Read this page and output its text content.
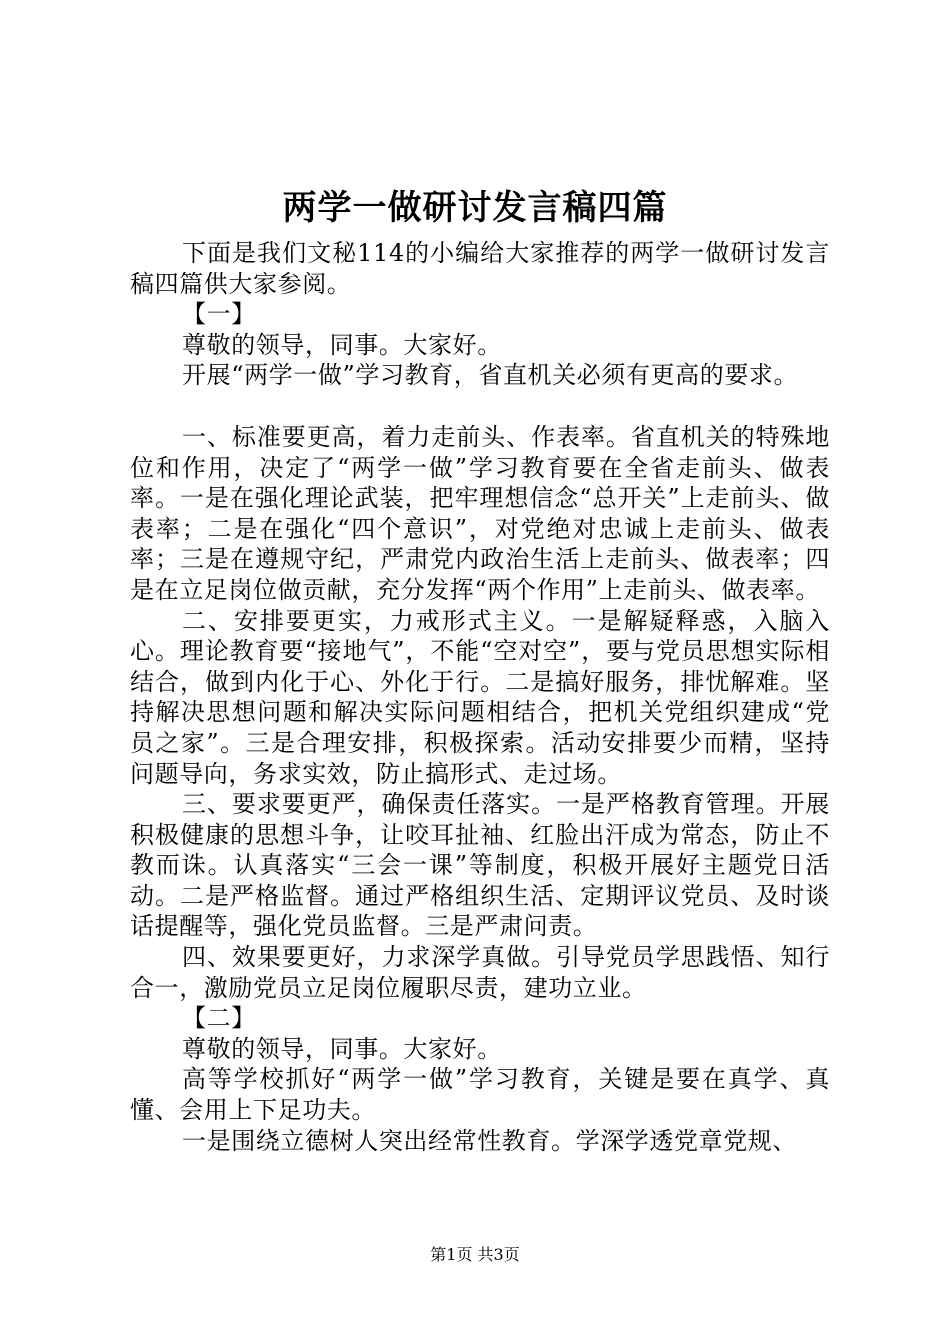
两学一做研讨发言稿四篇

下面是我们文秘114的小编给大家推荐的两学一做研讨发言稿四篇供大家参阅。

【一】

尊敬的领导，同事。大家好。

开展“两学一做”学习教育，省直机关必须有更高的要求。

一、标准要更高，着力走前头、作表率。省直机关的特殊地位和作用，决定了“两学一做”学习教育要在全省走前头、做表率。一是在强化理论武装，把牢理想信念“总开关”上走前头、做表率；二是在强化“四个意识”，对党绝对忠诚上走前头、做表率；三是在遵规守纪，严肃党内政治生活上走前头、做表率；四是在立足岗位做贡献，充分发挥“两个作用”上走前头、做表率。

二、安排要更实，力戒形式主义。一是解疑释惑，入脑入心。理论教育要“接地气”，不能“空对空”，要与党员思想实际相结合，做到内化于心、外化于行。二是搞好服务，排忧解难。坚持解决思想问题和解决实际问题相结合，把机关党组织建成“党员之家”。三是合理安排，积极探索。活动安排要少而精，坚持问题导向，务求实效，防止搞形式、走过场。

三、要求要更严，确保责任落实。一是严格教育管理。开展积极健康的思想斗争，让咬耳扯袖、红脸出汗成为常态，防止不教而诛。认真落实“三会一课”等制度，积极开展好主题党日活动。二是严格监督。通过严格组织生活、定期评议党员、及时谈话提醒等，强化党员监督。三是严肃问责。

四、效果要更好，力求深学真做。引导党员学思践悟、知行合一，激励党员立足岗位履职尽责，建功立业。

【二】

尊敬的领导，同事。大家好。

高等学校抓好“两学一做”学习教育，关键是要在真学、真懂、会用上下足功夫。

一是围绕立德树人突出经常性教育。学深学透党章党规、

第1页 共3页
